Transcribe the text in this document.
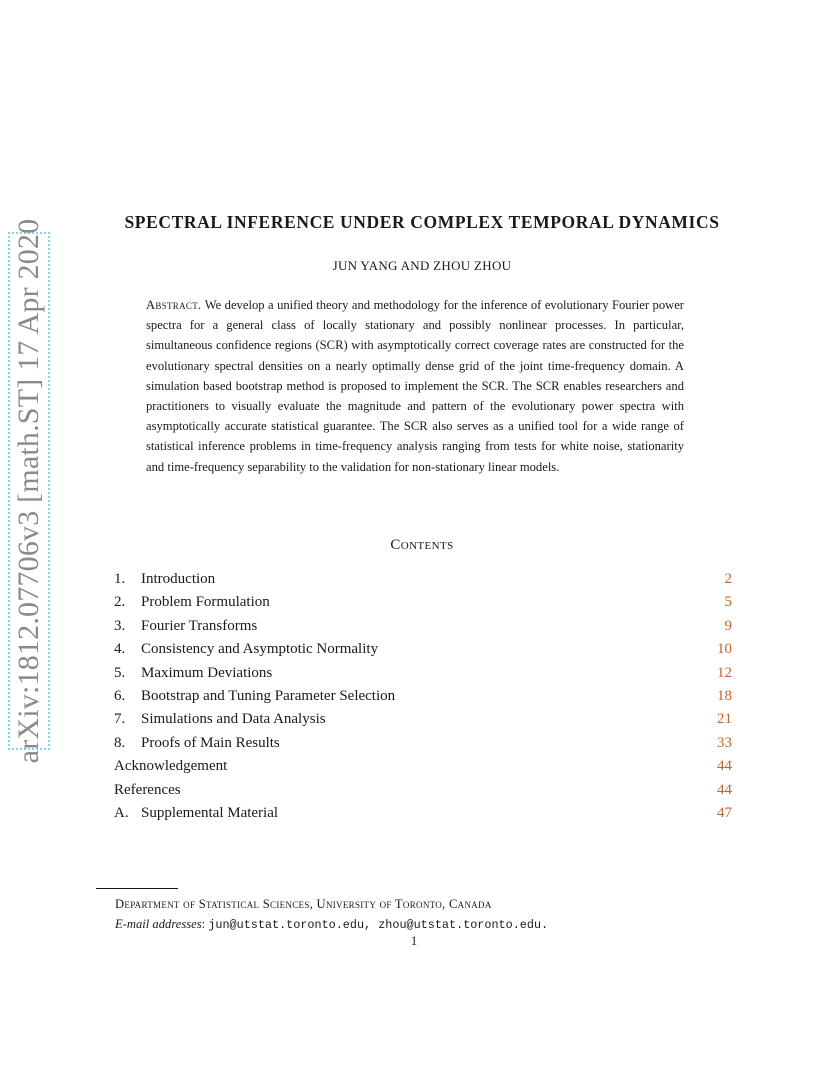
arXiv:1812.07706v3 [math.ST] 17 Apr 2020	SPECTRAL INFERENCE UNDER COMPLEX TEMPORAL DYNAMICS
JUN YANG AND ZHOU ZHOU
Abstract. We develop a unified theory and methodology for the inference of evolutionary Fourier power spectra for a general class of locally stationary and possibly nonlinear processes. In particular, simultaneous confidence regions (SCR) with asymptotically correct coverage rates are constructed for the evolutionary spectral densities on a nearly optimally dense grid of the joint time-frequency domain. A simulation based bootstrap method is proposed to implement the SCR. The SCR enables researchers and practitioners to visually evaluate the magnitude and pattern of the evolutionary power spectra with asymptotically accurate statistical guarantee. The SCR also serves as a unified tool for a wide range of statistical inference problems in time-frequency analysis ranging from tests for white noise, stationarity and time-frequency separability to the validation for non-stationary linear models.
Contents
1. Introduction	2
2. Problem Formulation	5
3. Fourier Transforms	9
4. Consistency and Asymptotic Normality	10
5. Maximum Deviations	12
6. Bootstrap and Tuning Parameter Selection	18
7. Simulations and Data Analysis	21
8. Proofs of Main Results	33
Acknowledgement	44
References	44
A. Supplemental Material	47
Department of Statistical Sciences, University of Toronto, Canada
E-mail addresses: jun@utstat.toronto.edu, zhou@utstat.toronto.edu.
1
